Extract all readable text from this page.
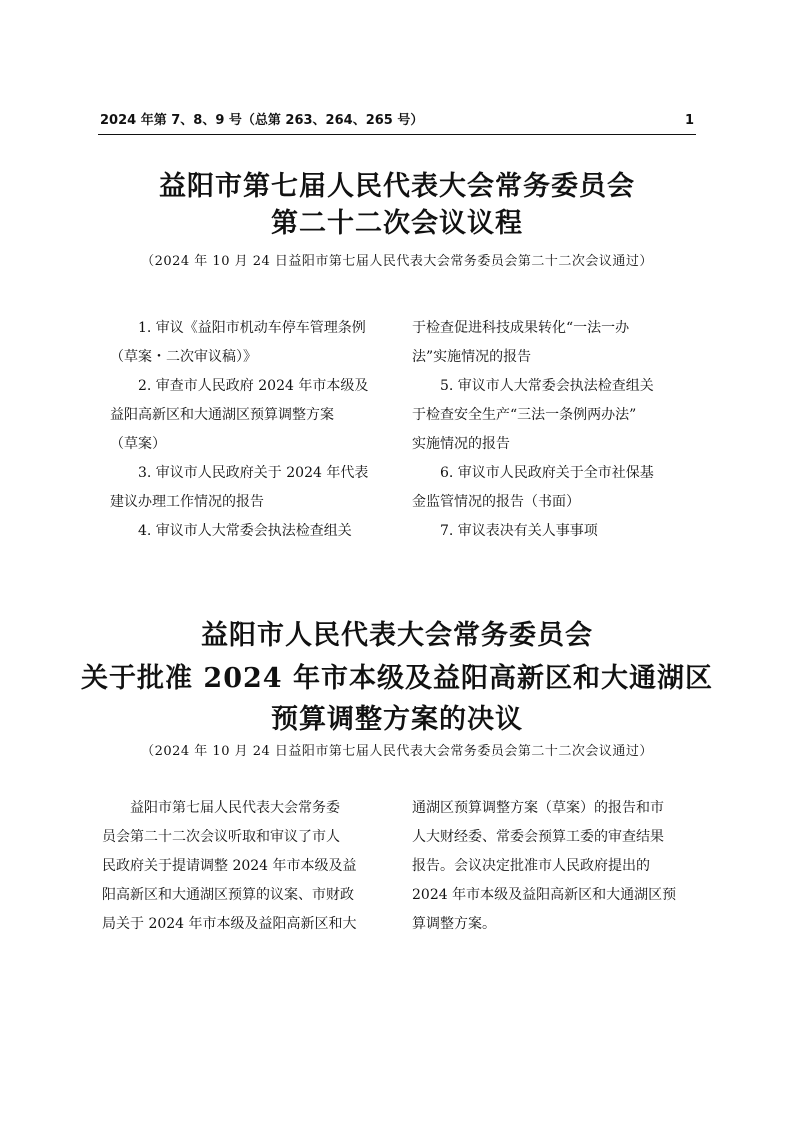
2024 年第 7、8、9 号（总第 263、264、265 号）	1
益阳市第七届人民代表大会常务委员会
第二十二次会议议程
（2024 年 10 月 24 日益阳市第七届人民代表大会常务委员会第二十二次会议通过）

1. 审议《益阳市机动车停车管理条例

（草案・二次审议稿）》

2. 审查市人民政府 2024 年市本级及

益阳高新区和大通湖区预算调整方案

（草案）

3. 审议市人民政府关于 2024 年代表

建议办理工作情况的报告

4. 审议市人大常委会执法检查组关

于检查促进科技成果转化“一法一办

法”实施情况的报告

5. 审议市人大常委会执法检查组关

于检查安全生产“三法一条例两办法”

实施情况的报告

6. 审议市人民政府关于全市社保基

金监管情况的报告（书面）

7. 审议表决有关人事事项

益阳市人民代表大会常务委员会
关于批准 2024 年市本级及益阳高新区和大通湖区
预算调整方案的决议
（2024 年 10 月 24 日益阳市第七届人民代表大会常务委员会第二十二次会议通过）

益阳市第七届人民代表大会常务委

员会第二十二次会议听取和审议了市人

民政府关于提请调整 2024 年市本级及益

阳高新区和大通湖区预算的议案、市财政

局关于 2024 年市本级及益阳高新区和大

通湖区预算调整方案（草案）的报告和市

人大财经委、常委会预算工委的审查结果

报告。会议决定批准市人民政府提出的

2024 年市本级及益阳高新区和大通湖区预

算调整方案。
